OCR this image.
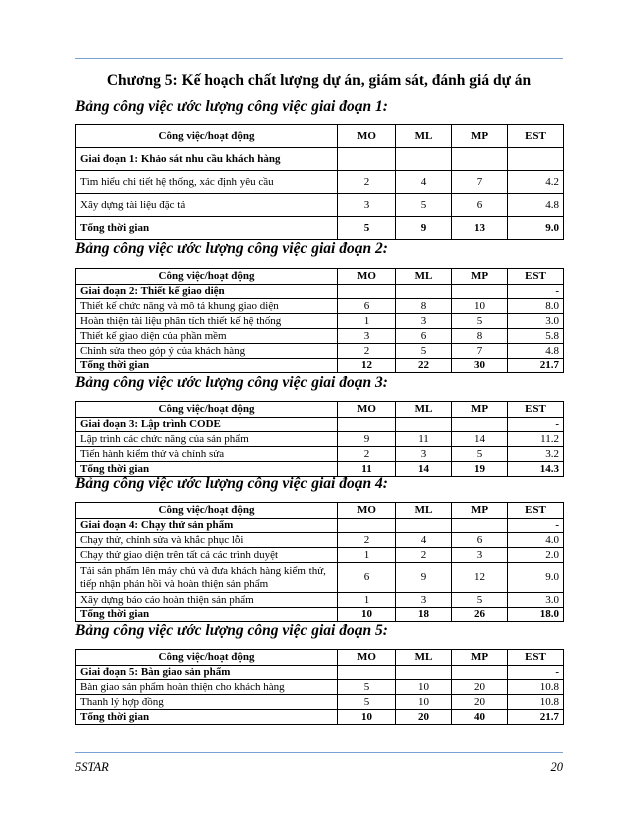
Chương 5: Kế hoạch chất lượng dự án, giám sát, đánh giá dự án
Bảng công việc ước lượng công việc giai đoạn 1:
Công việc/hoạt động	MO	ML	MP	EST
Giai đoạn 1: Khảo sát nhu cầu khách hàng				
Tìm hiểu chi tiết hệ thống, xác định yêu cầu	2	4	7	4.2
Xây dựng tài liệu đặc tả	3	5	6	4.8
Tổng thời gian	5	9	13	9.0
Bảng công việc ước lượng công việc giai đoạn 2:
Công việc/hoạt động	MO	ML	MP	EST
Giai đoạn 2: Thiết kế giao diện				-
Thiết kế chức năng và mô tả khung giao diện	6	8	10	8.0
Hoàn thiện tài liệu phân tích thiết kế hệ thống	1	3	5	3.0
Thiết kế giao diện của phần mềm	3	6	8	5.8
Chỉnh sửa theo góp ý của khách hàng	2	5	7	4.8
Tổng thời gian	12	22	30	21.7
Bảng công việc ước lượng công việc giai đoạn 3:
Công việc/hoạt động	MO	ML	MP	EST
Giai đoạn 3: Lập trình CODE				-
Lập trình các chức năng của sản phẩm	9	11	14	11.2
Tiến hành kiểm thử và chỉnh sửa	2	3	5	3.2
Tổng thời gian	11	14	19	14.3
Bảng công việc ước lượng công việc giai đoạn 4:
Công việc/hoạt động	MO	ML	MP	EST
Giai đoạn 4: Chạy thử sản phẩm				-
Chạy thử, chỉnh sửa và khắc phục lỗi	2	4	6	4.0
Chạy thử giao diện trên tất cả các trình duyệt	1	2	3	2.0
Tải sản phẩm lên máy chủ và đưa khách hàng kiểm thử, tiếp nhận phản hồi và hoàn thiện sản phẩm	6	9	12	9.0
Xây dựng báo cáo hoàn thiện sản phẩm	1	3	5	3.0
Tổng thời gian	10	18	26	18.0
Bảng công việc ước lượng công việc giai đoạn 5:
Công việc/hoạt động	MO	ML	MP	EST
Giai đoạn 5: Bàn giao sản phẩm				-
Bàn giao sản phẩm hoàn thiện cho khách hàng	5	10	20	10.8
Thanh lý hợp đồng	5	10	20	10.8
Tổng thời gian	10	20	40	21.7
5STAR	20
